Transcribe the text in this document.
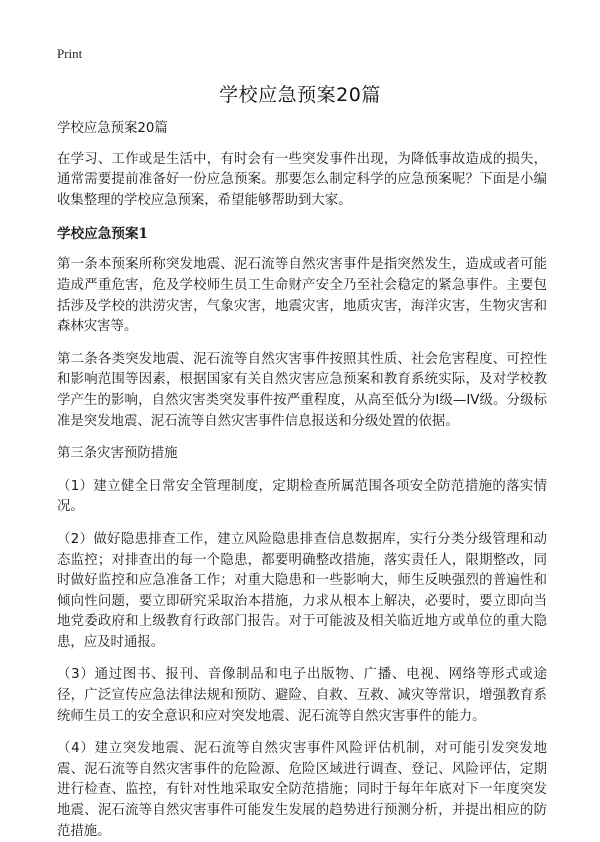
Print
学校应急预案20篇

学校应急预案20篇

在学习、工作或是生活中，有时会有一些突发事件出现，为降低事故造成的损失，通常需要提前准备好一份应急预案。那要怎么制定科学的应急预案呢？下面是小编收集整理的学校应急预案，希望能够帮助到大家。

学校应急预案1

第一条本预案所称突发地震、泥石流等自然灾害事件是指突然发生，造成或者可能造成严重危害，危及学校师生员工生命财产安全乃至社会稳定的紧急事件。主要包括涉及学校的洪涝灾害，气象灾害，地震灾害，地质灾害，海洋灾害，生物灾害和森林灾害等。

第二条各类突发地震、泥石流等自然灾害事件按照其性质、社会危害程度、可控性和影响范围等因素，根据国家有关自然灾害应急预案和教育系统实际，及对学校教学产生的影响，自然灾害类突发事件按严重程度，从高至低分为I级—IV级。分级标准是突发地震、泥石流等自然灾害事件信息报送和分级处置的依据。

第三条灾害预防措施

（1）建立健全日常安全管理制度，定期检查所属范围各项安全防范措施的落实情况。

（2）做好隐患排查工作，建立风险隐患排查信息数据库，实行分类分级管理和动态监控；对排查出的每一个隐患，都要明确整改措施，落实责任人，限期整改，同时做好监控和应急准备工作；对重大隐患和一些影响大，师生反映强烈的普遍性和倾向性问题，要立即研究采取治本措施，力求从根本上解决，必要时，要立即向当地党委政府和上级教育行政部门报告。对于可能波及相关临近地方或单位的重大隐患，应及时通报。

（3）通过图书、报刊、音像制品和电子出版物、广播、电视、网络等形式或途径，广泛宣传应急法律法规和预防、避险、自救、互救、减灾等常识，增强教育系统师生员工的安全意识和应对突发地震、泥石流等自然灾害事件的能力。

（4）建立突发地震、泥石流等自然灾害事件风险评估机制，对可能引发突发地震、泥石流等自然灾害事件的危险源、危险区域进行调查、登记、风险评估，定期进行检查、监控，有针对性地采取安全防范措施；同时于每年年底对下一年度突发地震、泥石流等自然灾害事件可能发生发展的趋势进行预测分析，并提出相应的防范措施。
